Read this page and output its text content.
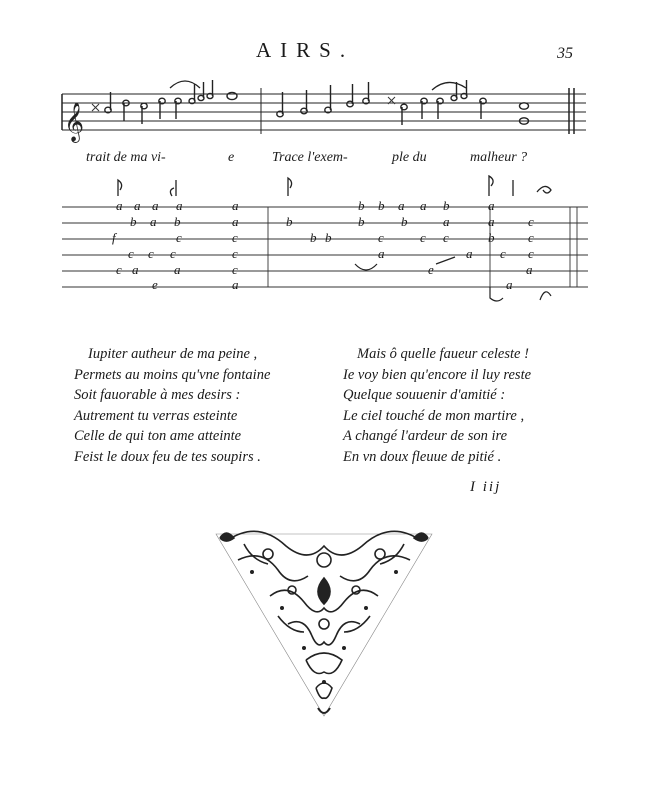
AIRS.	35
𝄞
a a a a	a	b b a a b	a
b a b	a	b	b	b	a	a	c
f	c	b
c	b	c	b
c c	c
c c c	a
c	a c c
c a	a	c	e	a
e	a	a
trait de ma vi-	e	Trace l'exem-	ple du	malheur ?
Iupiter autheur de ma peine ,
Permets au moins qu'vne fontaine
Soit fauorable à mes desirs :
Autrement tu verras esteinte
Celle de qui ton ame atteinte
Feist le doux feu de tes soupirs .
Mais ô quelle faueur celeste !
Ie voy bien qu'encore il luy reste
Quelque souuenir d'amitié :
Le ciel touché de mon martire ,
A changé l'ardeur de son ire
En vn doux fleuue de pitié .
I iij
